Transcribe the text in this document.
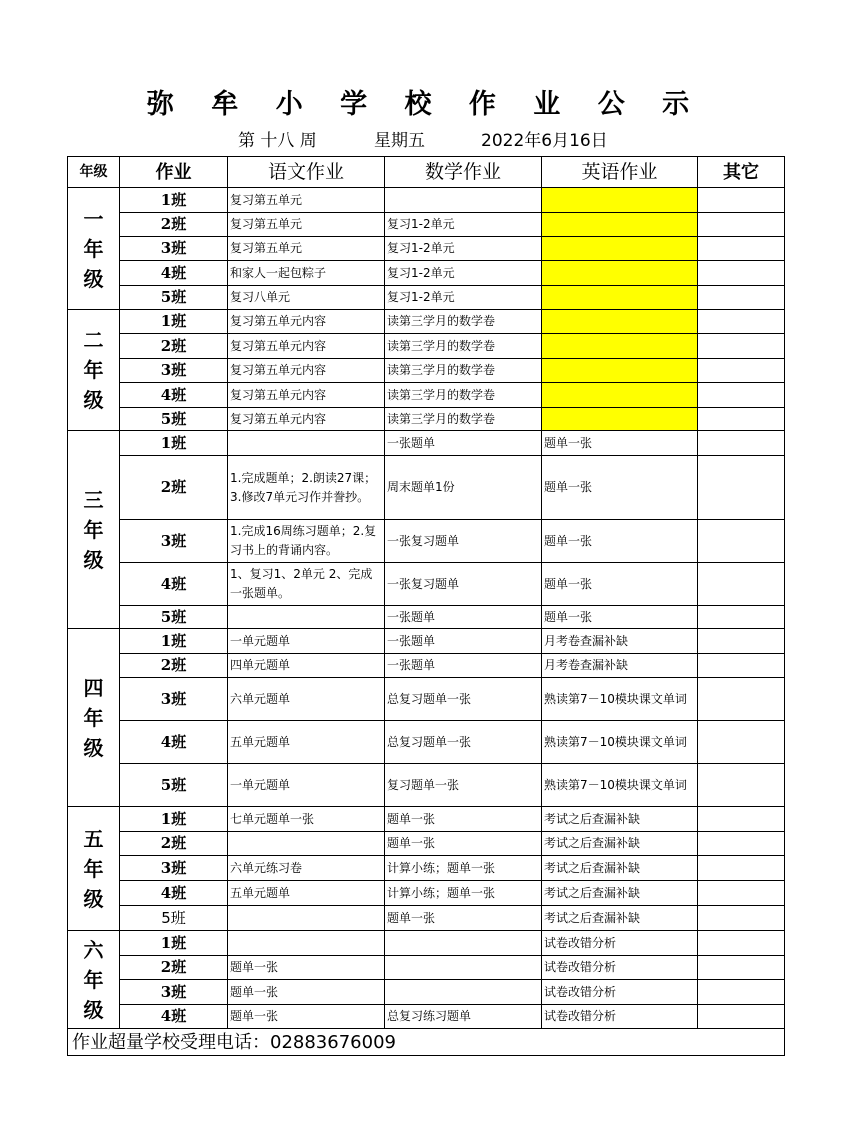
弥 牟 小 学 校 作 业 公 示
第 十八 周	星期五	2022年6月16日
年级	作业	语文作业	数学作业	英语作业	其它

一
年
级	1班	复习第五单元			
	2班	复习第五单元	复习1-2单元		
	3班	复习第五单元	复习1-2单元		
	4班	和家人一起包粽子	复习1-2单元		
	5班	复习八单元	复习1-2单元		

二
年
级	1班	复习第五单元内容	读第三学月的数学卷		
	2班	复习第五单元内容	读第三学月的数学卷		
	3班	复习第五单元内容	读第三学月的数学卷		
	4班	复习第五单元内容	读第三学月的数学卷		
	5班	复习第五单元内容	读第三学月的数学卷		

三
年
级	1班		一张题单	题单一张	
	2班	1.完成题单；2.朗读27课；3.修改7单元习作并誊抄。	周末题单1份	题单一张	
	3班	1.完成16周练习题单；2.复习书上的背诵内容。	一张复习题单	题单一张	
	4班	1、复习1、2单元 2、完成一张题单。	一张复习题单	题单一张	
	5班		一张题单	题单一张	

四
年
级	1班	一单元题单	一张题单	月考卷查漏补缺	
	2班	四单元题单	一张题单	月考卷查漏补缺	
	3班	六单元题单	总复习题单一张	熟读第7－10模块课文单词	
	4班	五单元题单	总复习题单一张	熟读第7－10模块课文单词	
	5班	一单元题单	复习题单一张	熟读第7－10模块课文单词	

五
年
级	1班	七单元题单一张	题单一张	考试之后查漏补缺	
	2班		题单一张	考试之后查漏补缺	
	3班	六单元练习卷	计算小练；题单一张	考试之后查漏补缺	
	4班	五单元题单	计算小练；题单一张	考试之后查漏补缺	
	5班		题单一张	考试之后查漏补缺	

六
年
级	1班			试卷改错分析	
	2班	题单一张		试卷改错分析	
	3班	题单一张		试卷改错分析	
	4班	题单一张	总复习练习题单	试卷改错分析	
作业超量学校受理电话：02883676009					
